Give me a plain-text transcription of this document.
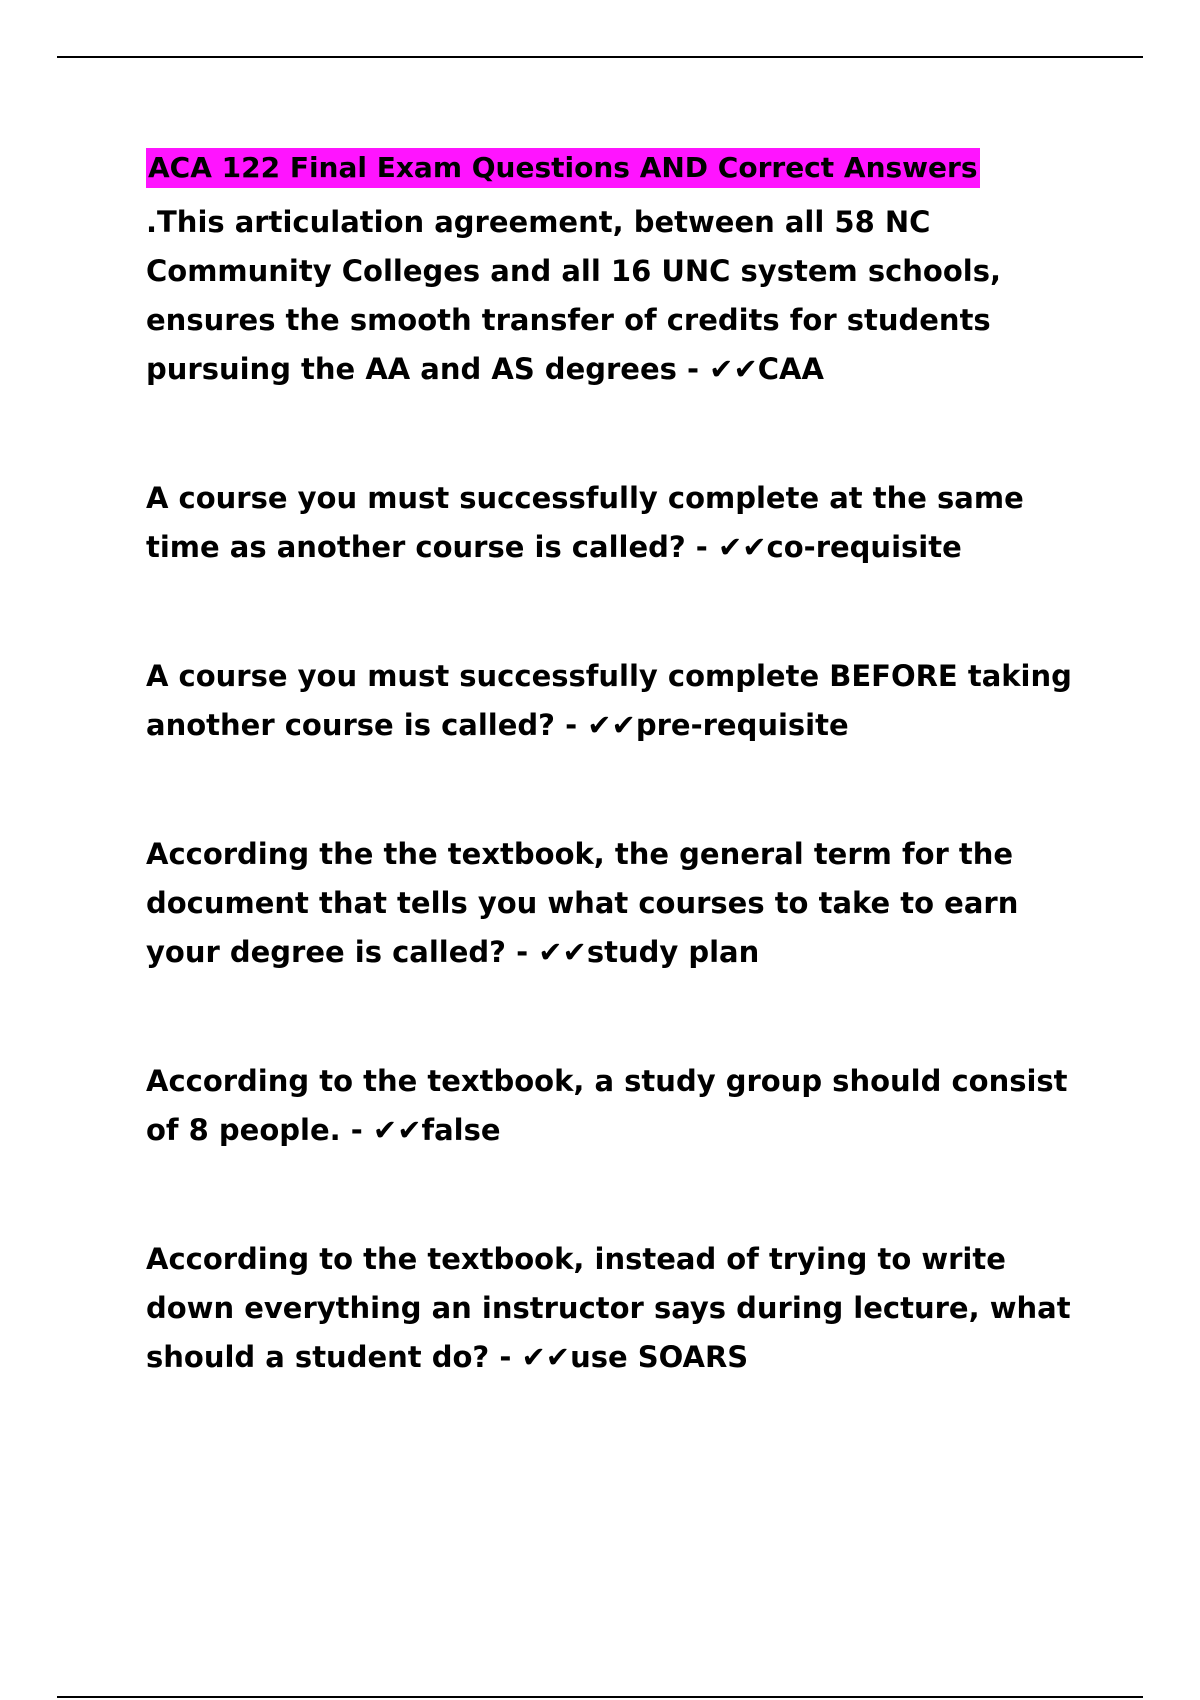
ACA 122 Final Exam Questions AND Correct Answers

.This articulation agreement, between all 58 NC Community Colleges and all 16 UNC system schools, ensures the smooth transfer of credits for students pursuing the AA and AS degrees - ✔✔CAA

A course you must successfully complete at the same time as another course is called? - ✔✔co-requisite

A course you must successfully complete BEFORE taking another course is called? - ✔✔pre-requisite

According the the textbook, the general term for the document that tells you what courses to take to earn your degree is called? - ✔✔study plan

According to the textbook, a study group should consist of 8 people. - ✔✔false

According to the textbook, instead of trying to write down everything an instructor says during lecture, what should a student do? - ✔✔use SOARS
